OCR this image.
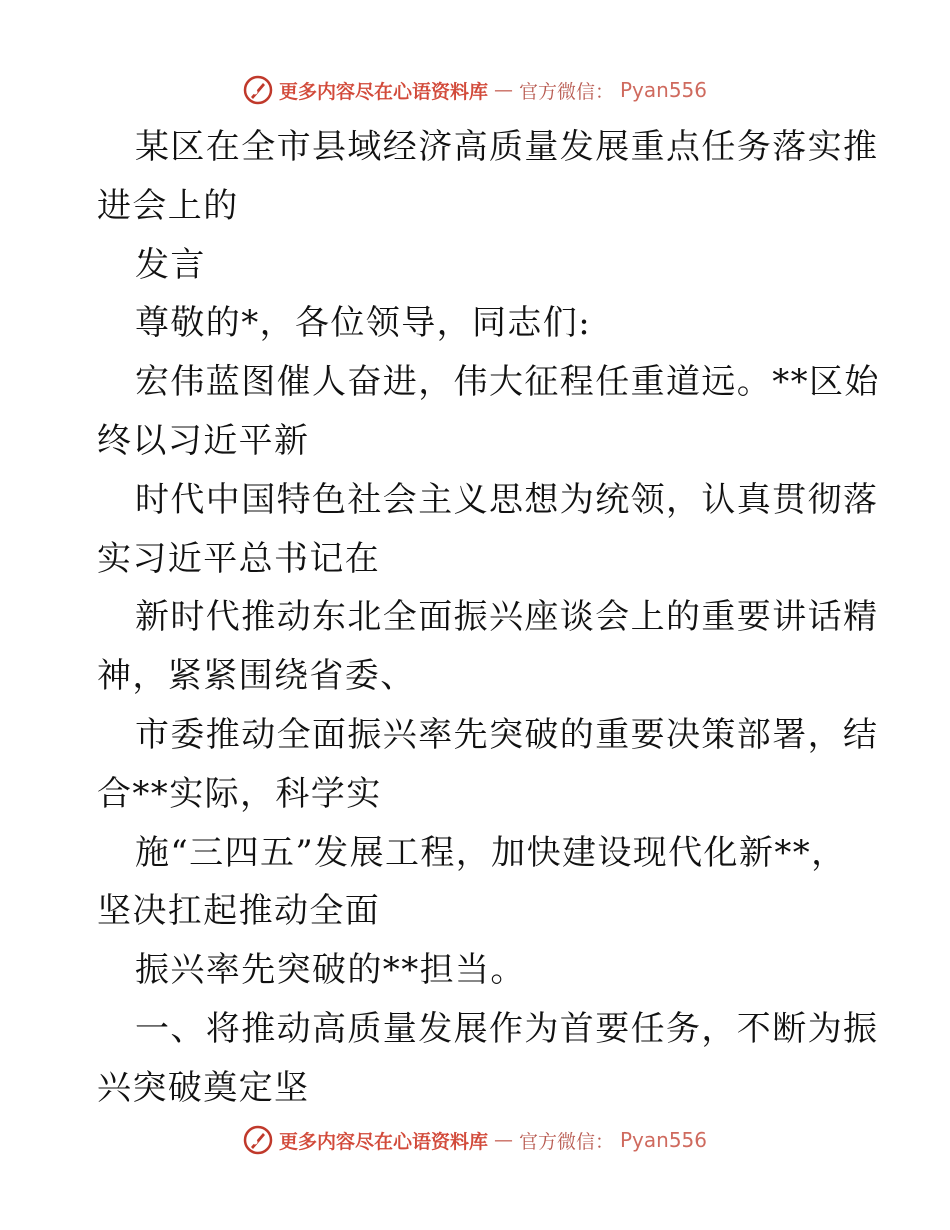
更多内容尽在心语资料库 — 官方微信： Pyan556
某区在全市县域经济高质量发展重点任务落实推
进会上的
发言
尊敬的*，各位领导，同志们:
宏伟蓝图催人奋进，伟大征程任重道远。**区始
终以习近平新
时代中国特色社会主义思想为统领，认真贯彻落
实习近平总书记在
新时代推动东北全面振兴座谈会上的重要讲话精
神，紧紧围绕省委、
市委推动全面振兴率先突破的重要决策部署，结
合**实际，科学实
施“三四五”发展工程，加快建设现代化新**，
坚决扛起推动全面
振兴率先突破的**担当。
一、将推动高质量发展作为首要任务，不断为振
兴突破奠定坚
更多内容尽在心语资料库 — 官方微信： Pyan556
